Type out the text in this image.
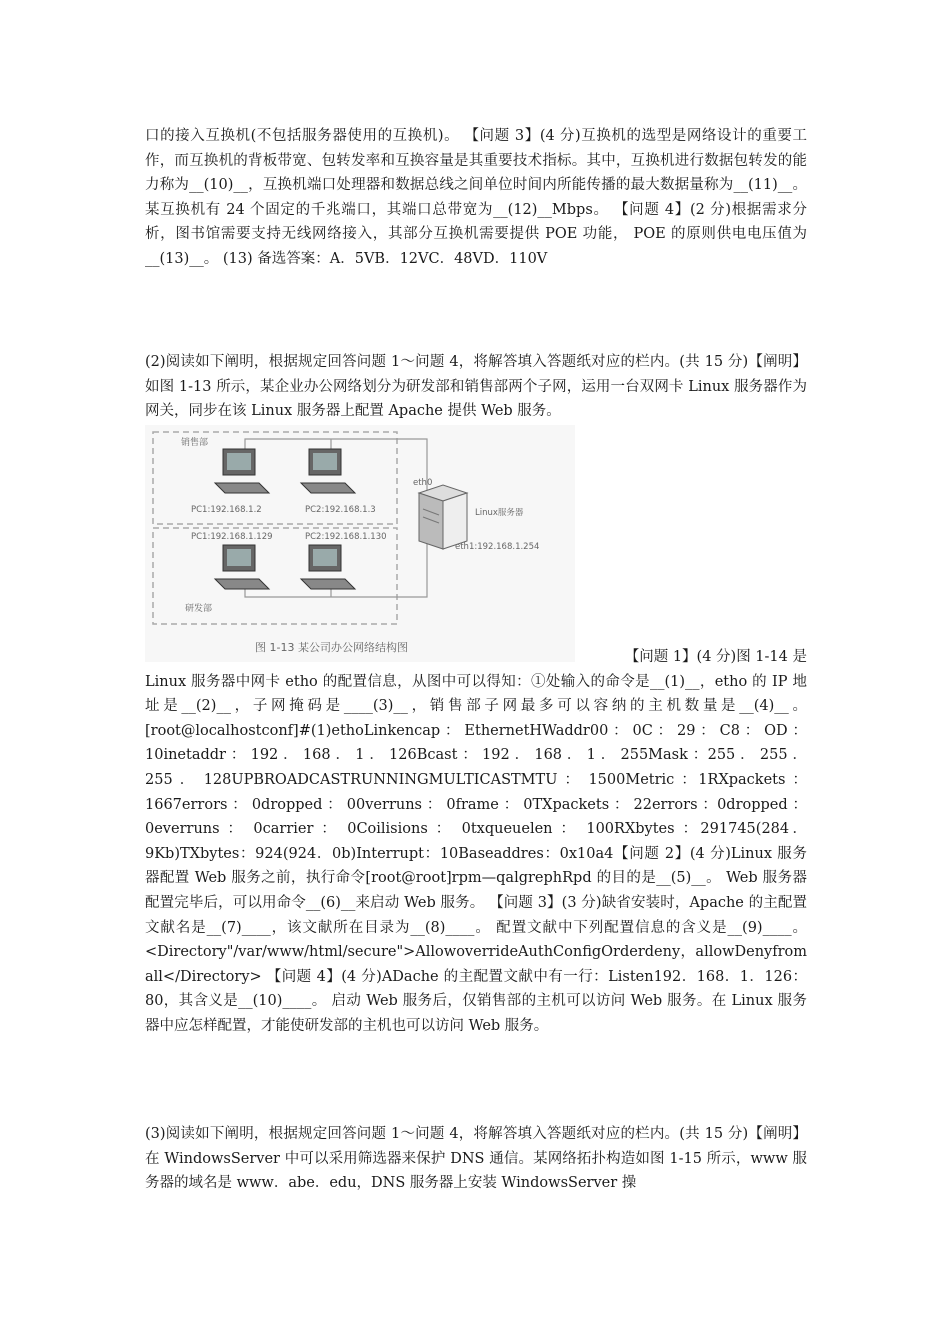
口的接入互换机(不包括服务器使用的互换机)。 【问题 3】(4 分)互换机的选型是网络设计的重要工作，而互换机的背板带宽、包转发率和互换容量是其重要技术指标。其中，互换机进行数据包转发的能力称为__(10)__，互换机端口处理器和数据总线之间单位时间内所能传播的最大数据量称为__(11)__。某互换机有 24 个固定的千兆端口，其端口总带宽为__(12)__Mbps。 【问题 4】(2 分)根据需求分析，图书馆需要支持无线网络接入，其部分互换机需要提供 POE 功能， POE 的原则供电电压值为__(13)__。 (13) 备选答案：A．5VB．12VC．48VD．110V

(2)阅读如下阐明，根据规定回答问题 1～问题 4，将解答填入答题纸对应的栏内。(共 15 分)【阐明】 如图 1-13 所示，某企业办公网络划分为研发部和销售部两个子网，运用一台双网卡 Linux 服务器作为网关，同步在该 Linux 服务器上配置 Apache 提供 Web 服务。

销售部
研发部
PC1:192.168.1.2	PC2:192.168.1.3
PC1:192.168.1.129	PC2:192.168.1.130
eth0
Linux服务器
eth1:192.168.1.254
图 1-13 某公司办公网络结构图
【问题 1】(4 分)图 1-14 是
Linux 服务器中网卡 etho 的配置信息，从图中可以得知：①处输入的命令是__(1)__，etho 的 IP 地址是__(2)__，子网掩码是____(3)__，销售部子网最多可以容纳的主机数量是__(4)__。 [root@localhostconf]#(1)ethoLinkencap：EthernetHWaddr00：0C：29：C8：OD：10inetaddr ： 192 ． 168 ． 1 ． 126Bcast ： 192 ． 168 ． 1 ． 255Mask ：255 ． 255 ． 255 ． 128UPBROADCASTRUNNINGMULTICASTMTU ： 1500Metric ：1RXpackets ： 1667errors ： 0dropped ： 00verruns ： 0frame ： 0TXpackets ： 22errors ：0dropped ： 0everruns ： 0carrier ： 0Coilisions ： 0txqueuelen ： 100RXbytes ：291745(284．9Kb)TXbytes：924(924．0b)Interrupt：10Baseaddres：0x10a4【问题 2】(4 分)Linux 服务器配置 Web 服务之前，执行命令[root@root]rpm—qalgrephRpd 的目的是__(5)__。 Web 服务器配置完毕后，可以用命令__(6)__来启动 Web 服务。 【问题 3】(3 分)缺省安装时，Apache 的主配置文献名是__(7)____，该文献所在目录为__(8)____。 配置文献中下列配置信息的含义是__(9)____。<Directory"/var/www/html/secure">AllowoverrideAuthConfigOrderdeny，allowDenyfrom all</Directory> 【问题 4】(4 分)ADache 的主配置文献中有一行：Listen192．168．1．126：80，其含义是__(10)____。 启动 Web 服务后，仅销售部的主机可以访问 Web 服务。在 Linux 服务器中应怎样配置，才能使研发部的主机也可以访问 Web 服务。

(3)阅读如下阐明，根据规定回答问题 1～问题 4，将解答填入答题纸对应的栏内。(共 15 分)【阐明】 在 WindowsServer 中可以采用筛选器来保护 DNS 通信。某网络拓扑构造如图 1-15 所示，www 服务器的域名是 www．abe．edu，DNS 服务器上安装 WindowsServer 操
